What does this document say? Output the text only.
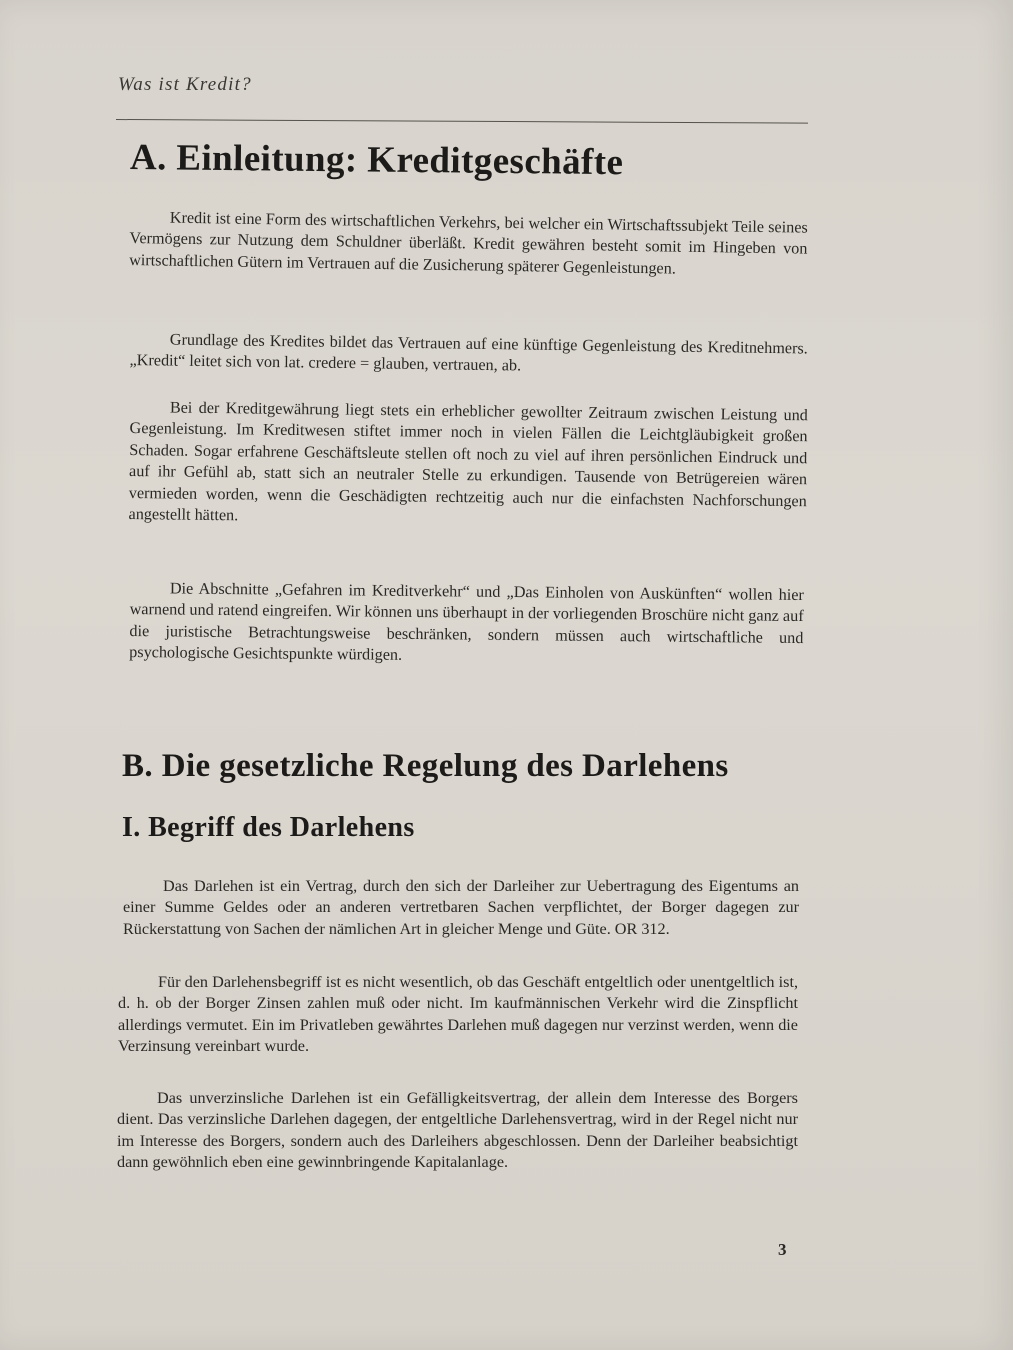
Was ist Kredit?
A. Einleitung: Kreditgeschäfte
Kredit ist eine Form des wirtschaftlichen Verkehrs, bei welcher ein Wirtschaftssubjekt Teile seines Vermögens zur Nutzung dem Schuldner überläßt. Kredit gewähren besteht somit im Hingeben von wirtschaftlichen Gütern im Vertrauen auf die Zusicherung späterer Gegenleistungen.
Grundlage des Kredites bildet das Vertrauen auf eine künftige Gegenleistung des Kreditnehmers. „Kredit“ leitet sich von lat. credere = glauben, vertrauen, ab.
Bei der Kreditgewährung liegt stets ein erheblicher gewollter Zeitraum zwischen Leistung und Gegenleistung. Im Kreditwesen stiftet immer noch in vielen Fällen die Leichtgläubigkeit großen Schaden. Sogar erfahrene Geschäftsleute stellen oft noch zu viel auf ihren persönlichen Eindruck und auf ihr Gefühl ab, statt sich an neutraler Stelle zu erkundigen. Tausende von Betrügereien wären vermieden worden, wenn die Geschädigten rechtzeitig auch nur die einfachsten Nachforschungen angestellt hätten.
Die Abschnitte „Gefahren im Kreditverkehr“ und „Das Einholen von Auskünften“ wollen hier warnend und ratend eingreifen. Wir können uns überhaupt in der vorliegenden Broschüre nicht ganz auf die juristische Betrachtungsweise beschränken, sondern müssen auch wirtschaftliche und psychologische Gesichtspunkte würdigen.
B. Die gesetzliche Regelung des Darlehens
I. Begriff des Darlehens
Das Darlehen ist ein Vertrag, durch den sich der Darleiher zur Uebertragung des Eigentums an einer Summe Geldes oder an anderen vertretbaren Sachen verpflichtet, der Borger dagegen zur Rückerstattung von Sachen der nämlichen Art in gleicher Menge und Güte. OR 312.
Für den Darlehensbegriff ist es nicht wesentlich, ob das Geschäft entgeltlich oder unentgeltlich ist, d. h. ob der Borger Zinsen zahlen muß oder nicht. Im kaufmännischen Verkehr wird die Zinspflicht allerdings vermutet. Ein im Privatleben gewährtes Darlehen muß dagegen nur verzinst werden, wenn die Verzinsung vereinbart wurde.
Das unverzinsliche Darlehen ist ein Gefälligkeitsvertrag, der allein dem Interesse des Borgers dient. Das verzinsliche Darlehen dagegen, der entgeltliche Darlehensvertrag, wird in der Regel nicht nur im Interesse des Borgers, sondern auch des Darleihers abgeschlossen. Denn der Darleiher beabsichtigt dann gewöhnlich eben eine gewinnbringende Kapitalanlage.
3
